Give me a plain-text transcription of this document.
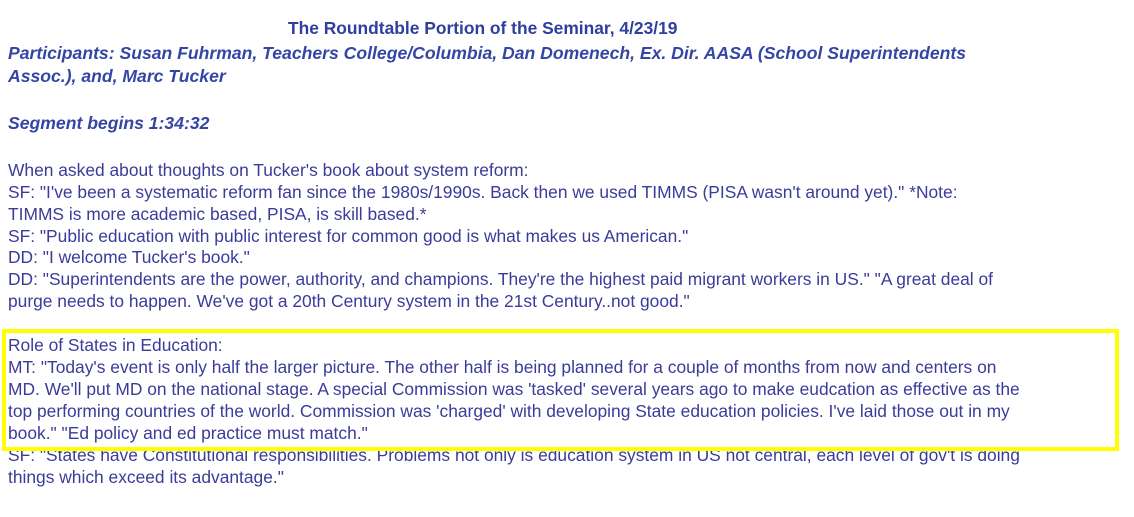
The Roundtable Portion of the Seminar, 4/23/19
Participants: Susan Fuhrman, Teachers College/Columbia, Dan Domenech, Ex. Dir. AASA (School Superintendents
Assoc.), and, Marc Tucker
Segment begins 1:34:32
When asked about thoughts on Tucker's book about system reform:
SF: "I've been a systematic reform fan since the 1980s/1990s. Back then we used TIMMS (PISA wasn't around yet)." *Note:
TIMMS is more academic based, PISA, is skill based.*
SF: "Public education with public interest for common good is what makes us American."
DD: "I welcome Tucker's book."
DD: "Superintendents are the power, authority, and champions. They're the highest paid migrant workers in US." "A great deal of
purge needs to happen. We've got a 20th Century system in the 21st Century..not good."
Role of States in Education:
MT: "Today's event is only half the larger picture. The other half is being planned for a couple of months from now and centers on
MD. We'll put MD on the national stage. A special Commission was 'tasked' several years ago to make eudcation as effective as the
top performing countries of the world. Commission was 'charged' with developing State education policies. I've laid those out in my
book." "Ed policy and ed practice must match."
SF: "States have Constitutional responsibilities. Problems not only is education system in US not central, each level of gov't is doing
things which exceed its advantage."
